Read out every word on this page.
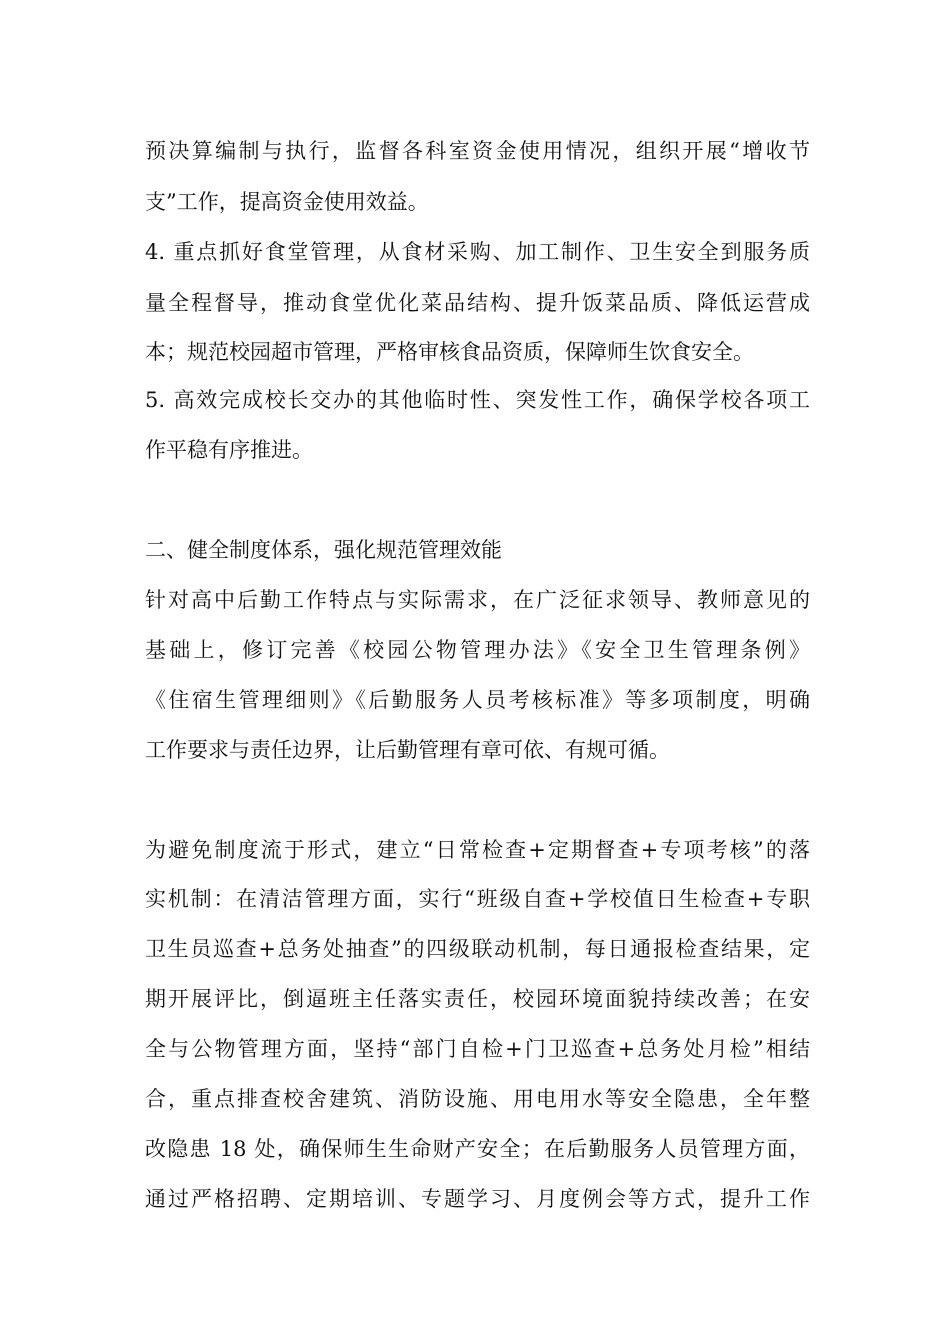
预决算编制与执行，监督各科室资金使用情况，组织开展“增收节
支”工作，提高资金使用效益。
4. 重点抓好食堂管理，从食材采购、加工制作、卫生安全到服务质
量全程督导，推动食堂优化菜品结构、提升饭菜品质、降低运营成
本；规范校园超市管理，严格审核食品资质，保障师生饮食安全。
5. 高效完成校长交办的其他临时性、突发性工作，确保学校各项工
作平稳有序推进。
二、健全制度体系，强化规范管理效能
针对高中后勤工作特点与实际需求，在广泛征求领导、教师意见的
基础上，修订完善《校园公物管理办法》《安全卫生管理条例》
《住宿生管理细则》《后勤服务人员考核标准》等多项制度，明确
工作要求与责任边界，让后勤管理有章可依、有规可循。
为避免制度流于形式，建立“日常检查+定期督查+专项考核”的落
实机制：在清洁管理方面，实行“班级自查+学校值日生检查+专职
卫生员巡查+总务处抽查”的四级联动机制，每日通报检查结果，定
期开展评比，倒逼班主任落实责任，校园环境面貌持续改善；在安
全与公物管理方面，坚持“部门自检+门卫巡查+总务处月检”相结
合，重点排查校舍建筑、消防设施、用电用水等安全隐患，全年整
改隐患 18 处，确保师生生命财产安全；在后勤服务人员管理方面，
通过严格招聘、定期培训、专题学习、月度例会等方式，提升工作
